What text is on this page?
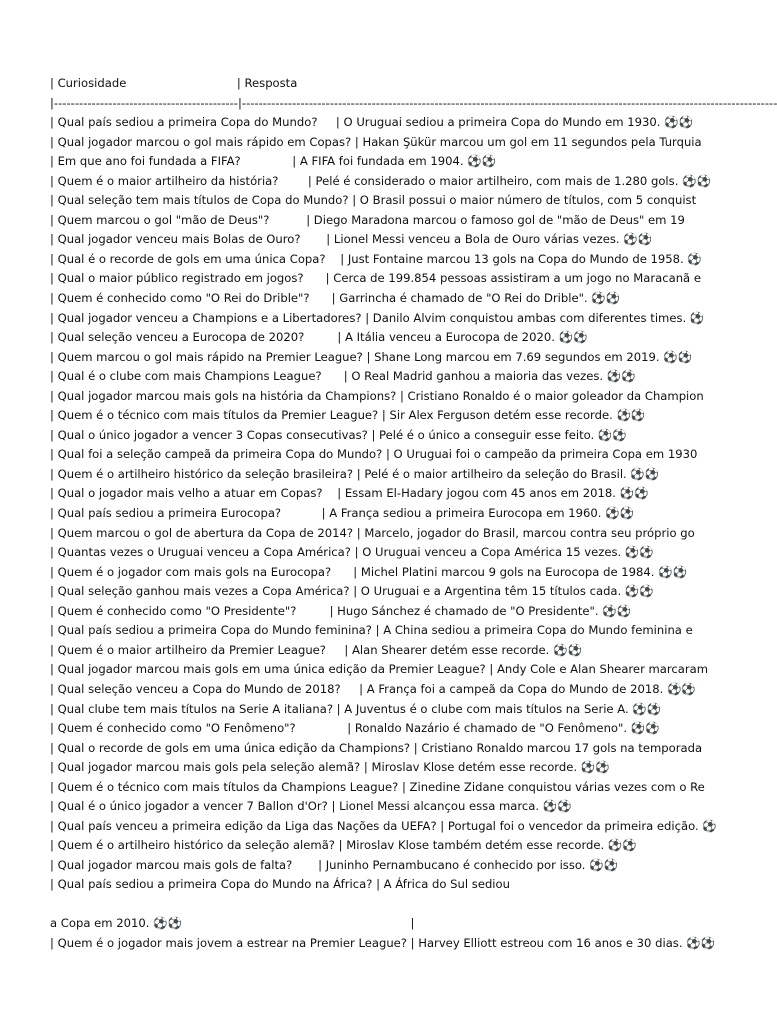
| Curiosidade                              | Resposta
|--------------------------------------------|--------------------------------------------------------------------------------------------------------------------------------
| Qual país sediou a primeira Copa do Mundo?     | O Uruguai sediou a primeira Copa do Mundo em 1930. ⚽⚽
| Qual jogador marcou o gol mais rápido em Copas? | Hakan Şükür marcou um gol em 11 segundos pela Turquia
| Em que ano foi fundada a FIFA?              | A FIFA foi fundada em 1904. ⚽⚽
| Quem é o maior artilheiro da história?        | Pelé é considerado o maior artilheiro, com mais de 1.280 gols. ⚽⚽
| Qual seleção tem mais títulos de Copa do Mundo? | O Brasil possui o maior número de títulos, com 5 conquist
| Quem marcou o gol "mão de Deus"?          | Diego Maradona marcou o famoso gol de "mão de Deus" em 19
| Qual jogador venceu mais Bolas de Ouro?       | Lionel Messi venceu a Bola de Ouro várias vezes. ⚽⚽
| Qual é o recorde de gols em uma única Copa?    | Just Fontaine marcou 13 gols na Copa do Mundo de 1958. ⚽
| Qual o maior público registrado em jogos?      | Cerca de 199.854 pessoas assistiram a um jogo no Maracanã e
| Quem é conhecido como "O Rei do Drible"?      | Garrincha é chamado de "O Rei do Drible". ⚽⚽
| Qual jogador venceu a Champions e a Libertadores? | Danilo Alvim conquistou ambas com diferentes times. ⚽
| Qual seleção venceu a Eurocopa de 2020?         | A Itália venceu a Eurocopa de 2020. ⚽⚽
| Quem marcou o gol mais rápido na Premier League? | Shane Long marcou em 7.69 segundos em 2019. ⚽⚽
| Qual é o clube com mais Champions League?      | O Real Madrid ganhou a maioria das vezes. ⚽⚽
| Qual jogador marcou mais gols na história da Champions? | Cristiano Ronaldo é o maior goleador da Champion
| Quem é o técnico com mais títulos da Premier League? | Sir Alex Ferguson detém esse recorde. ⚽⚽
| Qual o único jogador a vencer 3 Copas consecutivas? | Pelé é o único a conseguir esse feito. ⚽⚽
| Qual foi a seleção campeã da primeira Copa do Mundo? | O Uruguai foi o campeão da primeira Copa em 1930
| Quem é o artilheiro histórico da seleção brasileira? | Pelé é o maior artilheiro da seleção do Brasil. ⚽⚽
| Qual o jogador mais velho a atuar em Copas?    | Essam El-Hadary jogou com 45 anos em 2018. ⚽⚽
| Qual país sediou a primeira Eurocopa?           | A França sediou a primeira Eurocopa em 1960. ⚽⚽
| Quem marcou o gol de abertura da Copa de 2014? | Marcelo, jogador do Brasil, marcou contra seu próprio go
| Quantas vezes o Uruguai venceu a Copa América? | O Uruguai venceu a Copa América 15 vezes. ⚽⚽
| Quem é o jogador com mais gols na Eurocopa?      | Michel Platini marcou 9 gols na Eurocopa de 1984. ⚽⚽
| Qual seleção ganhou mais vezes a Copa América? | O Uruguai e a Argentina têm 15 títulos cada. ⚽⚽
| Quem é conhecido como "O Presidente"?         | Hugo Sánchez é chamado de "O Presidente". ⚽⚽
| Qual país sediou a primeira Copa do Mundo feminina? | A China sediou a primeira Copa do Mundo feminina e
| Quem é o maior artilheiro da Premier League?     | Alan Shearer detém esse recorde. ⚽⚽
| Qual jogador marcou mais gols em uma única edição da Premier League? | Andy Cole e Alan Shearer marcaram
| Qual seleção venceu a Copa do Mundo de 2018?     | A França foi a campeã da Copa do Mundo de 2018. ⚽⚽
| Qual clube tem mais títulos na Serie A italiana? | A Juventus é o clube com mais títulos na Serie A. ⚽⚽
| Quem é conhecido como "O Fenômeno"?              | Ronaldo Nazário é chamado de "O Fenômeno". ⚽⚽
| Qual o recorde de gols em uma única edição da Champions? | Cristiano Ronaldo marcou 17 gols na temporada
| Qual jogador marcou mais gols pela seleção alemã? | Miroslav Klose detém esse recorde. ⚽⚽
| Quem é o técnico com mais títulos da Champions League? | Zinedine Zidane conquistou várias vezes com o Re
| Qual é o único jogador a vencer 7 Ballon d'Or? | Lionel Messi alcançou essa marca. ⚽⚽
| Qual país venceu a primeira edição da Liga das Nações da UEFA? | Portugal foi o vencedor da primeira edição. ⚽
| Quem é o artilheiro histórico da seleção alemã? | Miroslav Klose também detém esse recorde. ⚽⚽
| Qual jogador marcou mais gols de falta?       | Juninho Pernambucano é conhecido por isso. ⚽⚽
| Qual país sediou a primeira Copa do Mundo na África? | A África do Sul sediou
a Copa em 2010. ⚽⚽                                                              |
| Quem é o jogador mais jovem a estrear na Premier League? | Harvey Elliott estreou com 16 anos e 30 dias. ⚽⚽
